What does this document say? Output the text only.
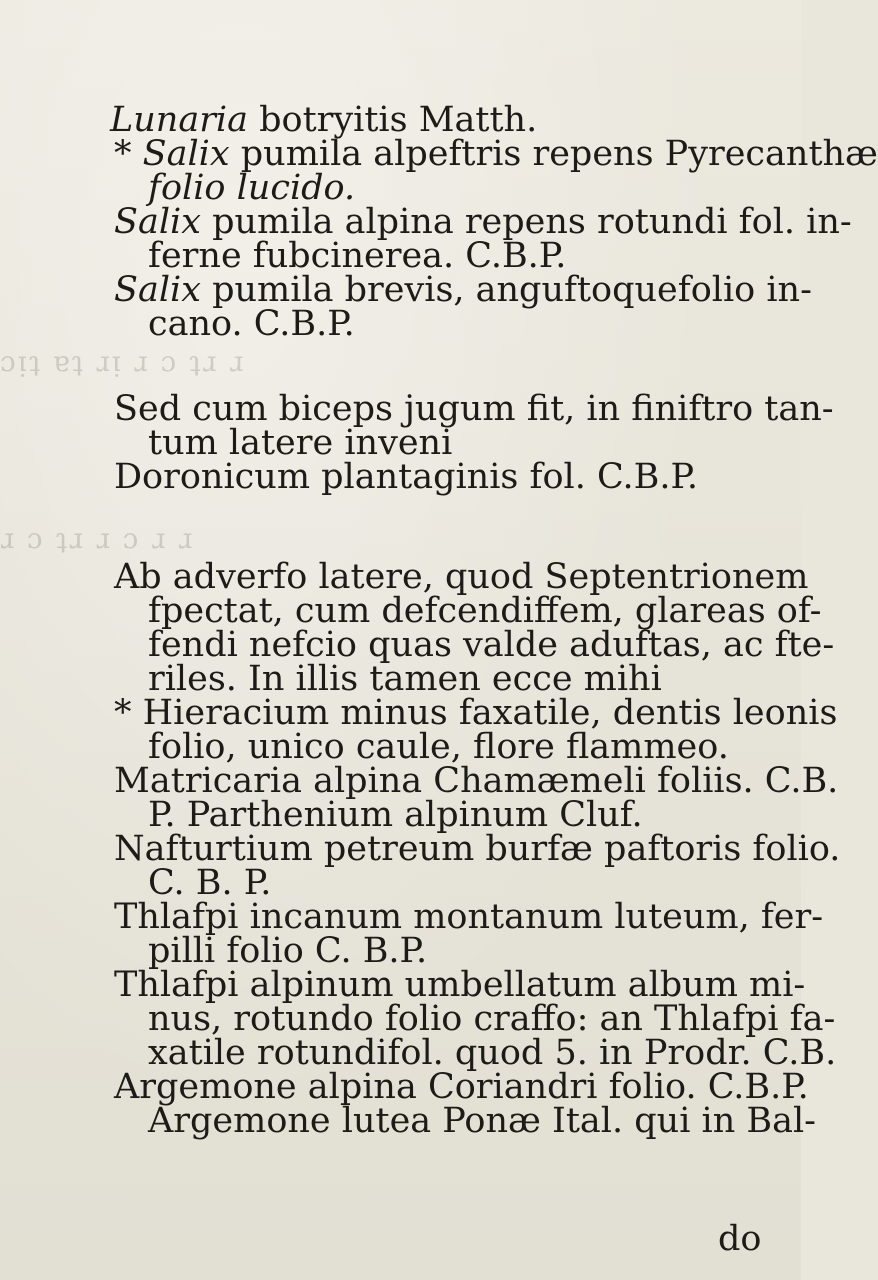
ɔᴉʇ ɐʇ ɹᴉ ɹ ɔ ʇɹ ɹ
ɹ ɔ ʇɹ ɹ ɔ ɹ ɹ
Lunaria botryitis Matth.
* Salix pumila alpeftris repens Pyrecanthæ
folio lucido.
Salix pumila alpina repens rotundi fol. in-
ferne fubcinerea. C.B.P.
Salix pumila brevis, anguftoquefolio in-
cano. C.B.P.
Sed cum biceps jugum fit, in finiftro tan-
tum latere inveni
Doronicum plantaginis fol. C.B.P.
Ab adverfo latere, quod Septentrionem
fpectat, cum defcendiffem, glareas of-
fendi nefcio quas valde aduftas, ac fte-
riles. In illis tamen ecce mihi
* Hieracium minus faxatile, dentis leonis
folio, unico caule, flore flammeo.
Matricaria alpina Chamæmeli foliis. C.B.
P. Parthenium alpinum Cluf.
Nafturtium petreum burfæ paftoris folio.
C. B. P.
Thlafpi incanum montanum luteum, fer-
pilli folio C. B.P.
Thlafpi alpinum umbellatum album mi-
nus, rotundo folio craffo: an Thlafpi fa-
xatile rotundifol. quod 5. in Prodr. C.B.
Argemone alpina Coriandri folio. C.B.P.
Argemone lutea Ponæ Ital. qui in Bal-
do
